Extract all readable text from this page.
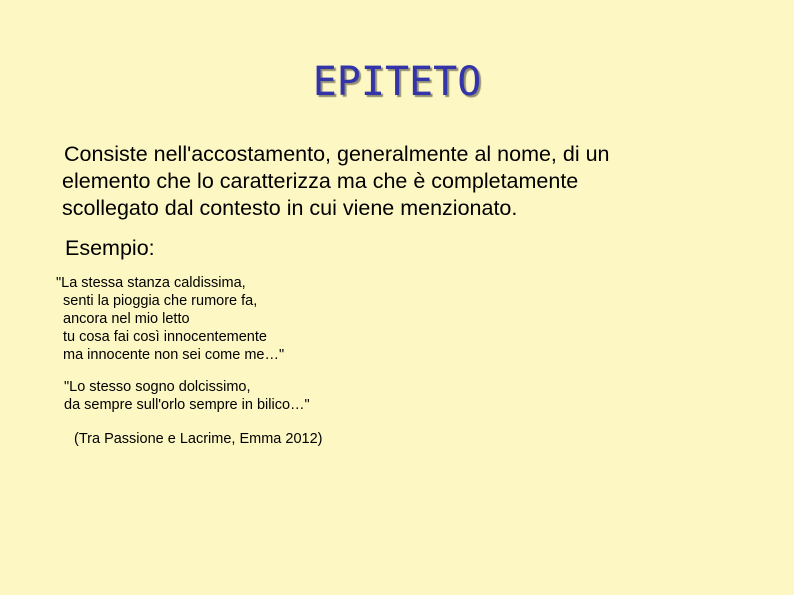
EPITETO
Consiste nell'accostamento, generalmente al nome, di un
elemento che lo caratterizza ma che è completamente
scollegato dal contesto in cui viene menzionato.
Esempio:
"La stessa stanza caldissima,
senti la pioggia che rumore fa,
ancora nel mio letto
tu cosa fai così innocentemente
ma innocente non sei come me…"
"Lo stesso sogno dolcissimo,
da sempre sull'orlo sempre in bilico…"
(Tra Passione e Lacrime, Emma 2012)
